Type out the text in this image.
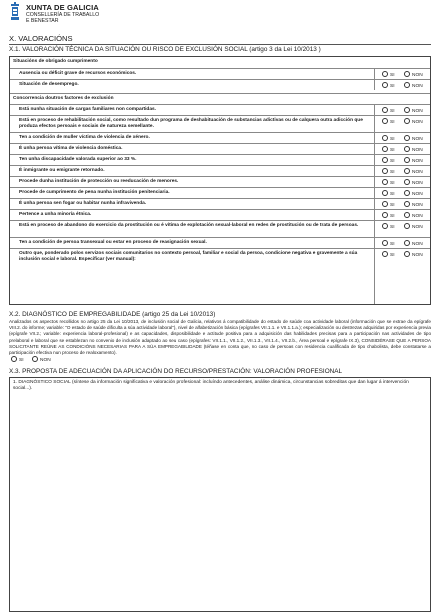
XUNTA DE GALICIA
CONSELLERÍA DE TRABALLO
E BENESTAR
X. VALORACIÓNS
X.1. VALORACIÓN TÉCNICA DA SITUACIÓN OU RISCO DE EXCLUSIÓN SOCIAL (artigo 3 da Lei 10/2013 )
Situacións de obrigado cumprimento
Ausencia ou déficit grave de recursos económicos.	SI	NON
Situación de desemprego.	SI	NON
Concorrencia doutros factores de exclusión
Está nunha situación de cargas familiares non compartidas.	SI	NON
Está en proceso de rehabilitación social, como resultado dun programa de deshabituación de substancias adictivas ou de calquera outra adicción que produza efectos persoais e sociais de natureza semellante.
SI	NON
Ten a condición de muller víctima de violencia de xénero.	SI	NON
É unha persoa vítima de violencia doméstica.	SI	NON
Ten unha discapacidade valorada superior ao 33 %.	SI	NON
É inmigrante ou emigrante retornado.	SI	NON
Procede dunha institución de protección ou reeducación de menores.	SI	NON
Procede de cumprimento de pena nunha institución penitenciaria.	SI	NON
É unha persoa sen fogar ou habitar nunha infravivenda.	SI	NON
Pertence a unha minoría étnica.	SI	NON
Está en proceso de abandono do exercicio da prostitución ou é vítima de explotación sexual-laboral en redes de prostitución ou de trata de persoas.	SI	NON
Ten a condición de persoa transexual ou estar en proceso de reasignación sexual.	SI	NON
Outro que, ponderado polos servizos sociais comunitarios no contexto persoal, familiar e social da persoa, condicione negativa e gravemente a súa inclusión social e laboral. Especificar (ver manual):
SI	NON
X.2. DIAGNÓSTICO DE EMPREGABILIDADE (artigo 25 da Lei 10/2013)
Analizados os aspectos recollidos no artigo 25 da Lei 10/2013, de inclusión social de Galicia, relativos á compatibilidade do estado de saúde coa actividade laboral (información que se extrae da epígrafe VIII.2. do informe; variable: "O estado de saúde dificulta a súa actividade laboral"), nivel de alfabetización básica (epígrafes VII.1.1. e VII.1.1.a.); especialización ou destrezas adquiridas por experiencia previa (epígrafe VII.2.; variable: experiencia laboral-profesional) e as capacidades, disposibilidade e actitude positiva para a adquisición das habilidades precisas para a participación nas actividades de tipo prelaboral e laboral que se establezan no convenio de inclusión adaptado ao seu caso (epígrafes: VII.1.1., VII.1.2., VII.1.3., VII.1.4., VII.2.b., Área persoal e epígrafe IX.3), CONSIDÉRASE QUE A PERSOA SOLICITANTE REÚNE AS CONDICIÓNS NECESARIAS PARA A SÚA EMPREGABILIDADE (téñase en conta que, no caso de persoas con residencia cualificada de tipo chabolista, debe constatarse a participación efectiva nun proceso de realoxamento).
SI	NON
X.3. PROPOSTA DE ADECUACIÓN DA APLICACIÓN DO RECURSO/PRESTACIÓN: VALORACIÓN PROFESIONAL
1. DIAGNÓSTICO SOCIAL (síntese da información significativa e valoración profesional: incluíndo antecedentes, análise dinámica, circunstancias sobreditas que dan lugar á intervención social...).
